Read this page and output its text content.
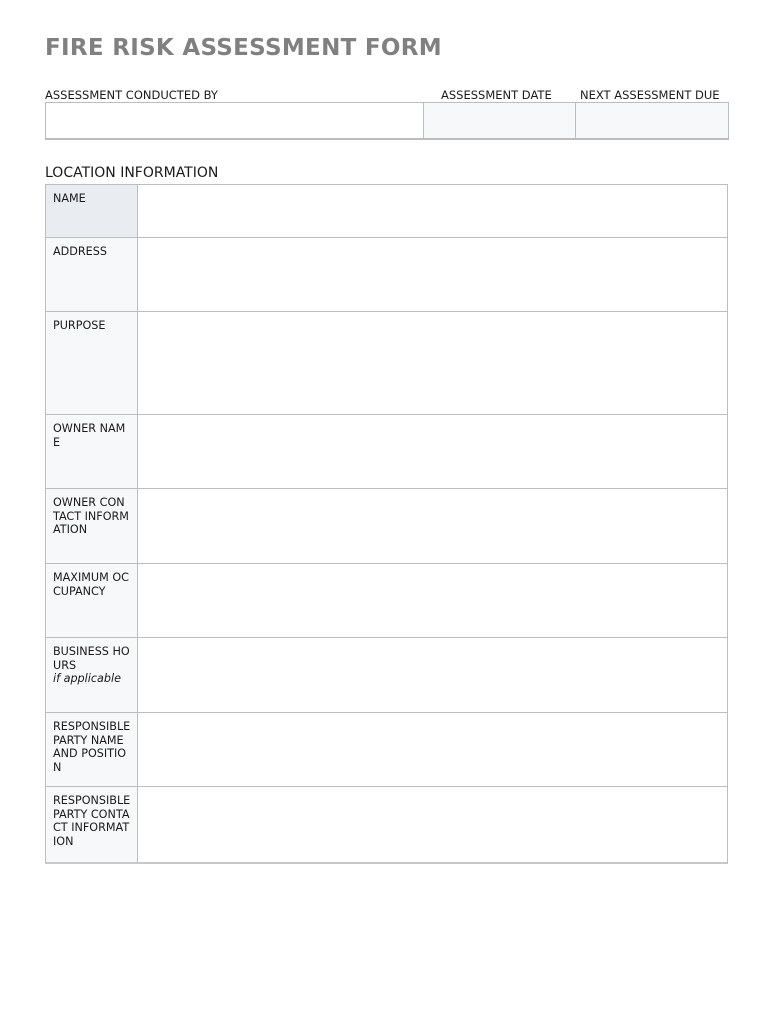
FIRE RISK ASSESSMENT FORM
ASSESSMENT CONDUCTED BY	ASSESSMENT DATE NEXT ASSESSMENT DUE
LOCATION INFORMATION
NAME
ADDRESS
PURPOSE
OWNER NAME
OWNER CONTACT INFORMATION
MAXIMUM OCCUPANCY
BUSINESS HOURS
if applicable
RESPONSIBLE PARTY NAME AND POSITION
RESPONSIBLE PARTY CONTACT INFORMATION
